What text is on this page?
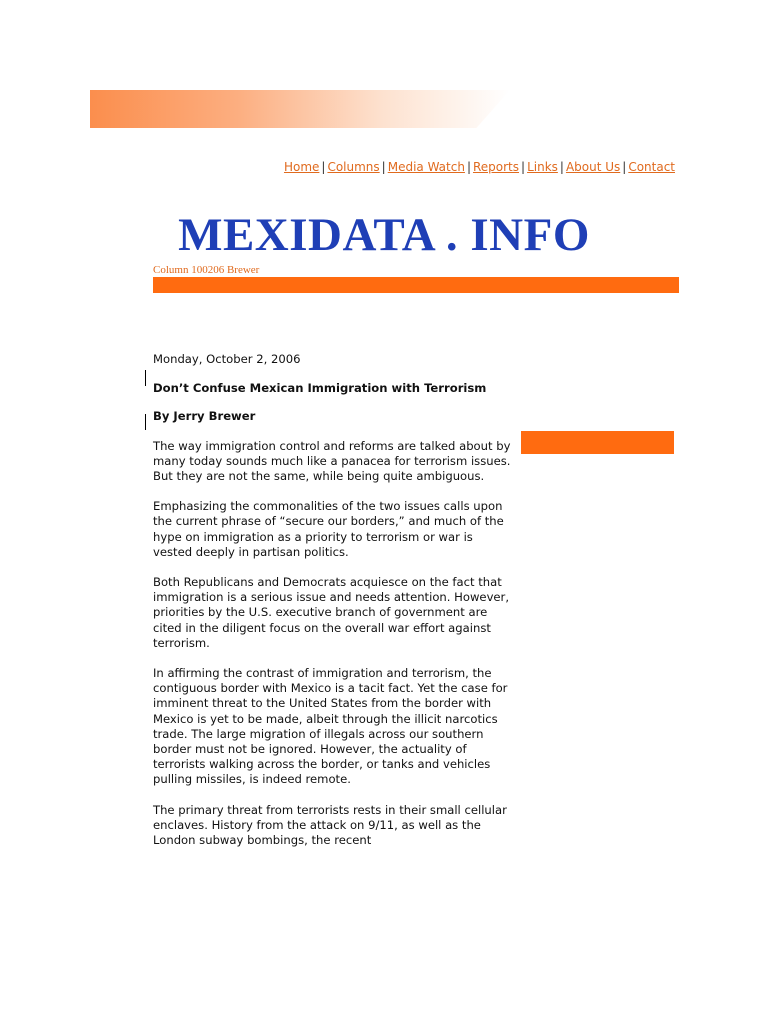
Home | Columns | Media Watch | Reports | Links | About Us | Contact
MEXIDATA . INFO
Column 100206 Brewer
Monday, October 2, 2006
Don’t Confuse Mexican Immigration with Terrorism
By Jerry Brewer

The way immigration control and reforms are talked about by many today sounds much like a panacea for terrorism issues. But they are not the same, while being quite ambiguous.

Emphasizing the commonalities of the two issues calls upon the current phrase of “secure our borders,” and much of the hype on immigration as a priority to terrorism or war is vested deeply in partisan politics.

Both Republicans and Democrats acquiesce on the fact that immigration is a serious issue and needs attention. However, priorities by the U.S. executive branch of government are cited in the diligent focus on the overall war effort against terrorism.

In affirming the contrast of immigration and terrorism, the contiguous border with Mexico is a tacit fact. Yet the case for imminent threat to the United States from the border with Mexico is yet to be made, albeit through the illicit narcotics trade. The large migration of illegals across our southern border must not be ignored. However, the actuality of terrorists walking across the border, or tanks and vehicles pulling missiles, is indeed remote.

The primary threat from terrorists rests in their small cellular enclaves. History from the attack on 9/11, as well as the London subway bombings, the recent
